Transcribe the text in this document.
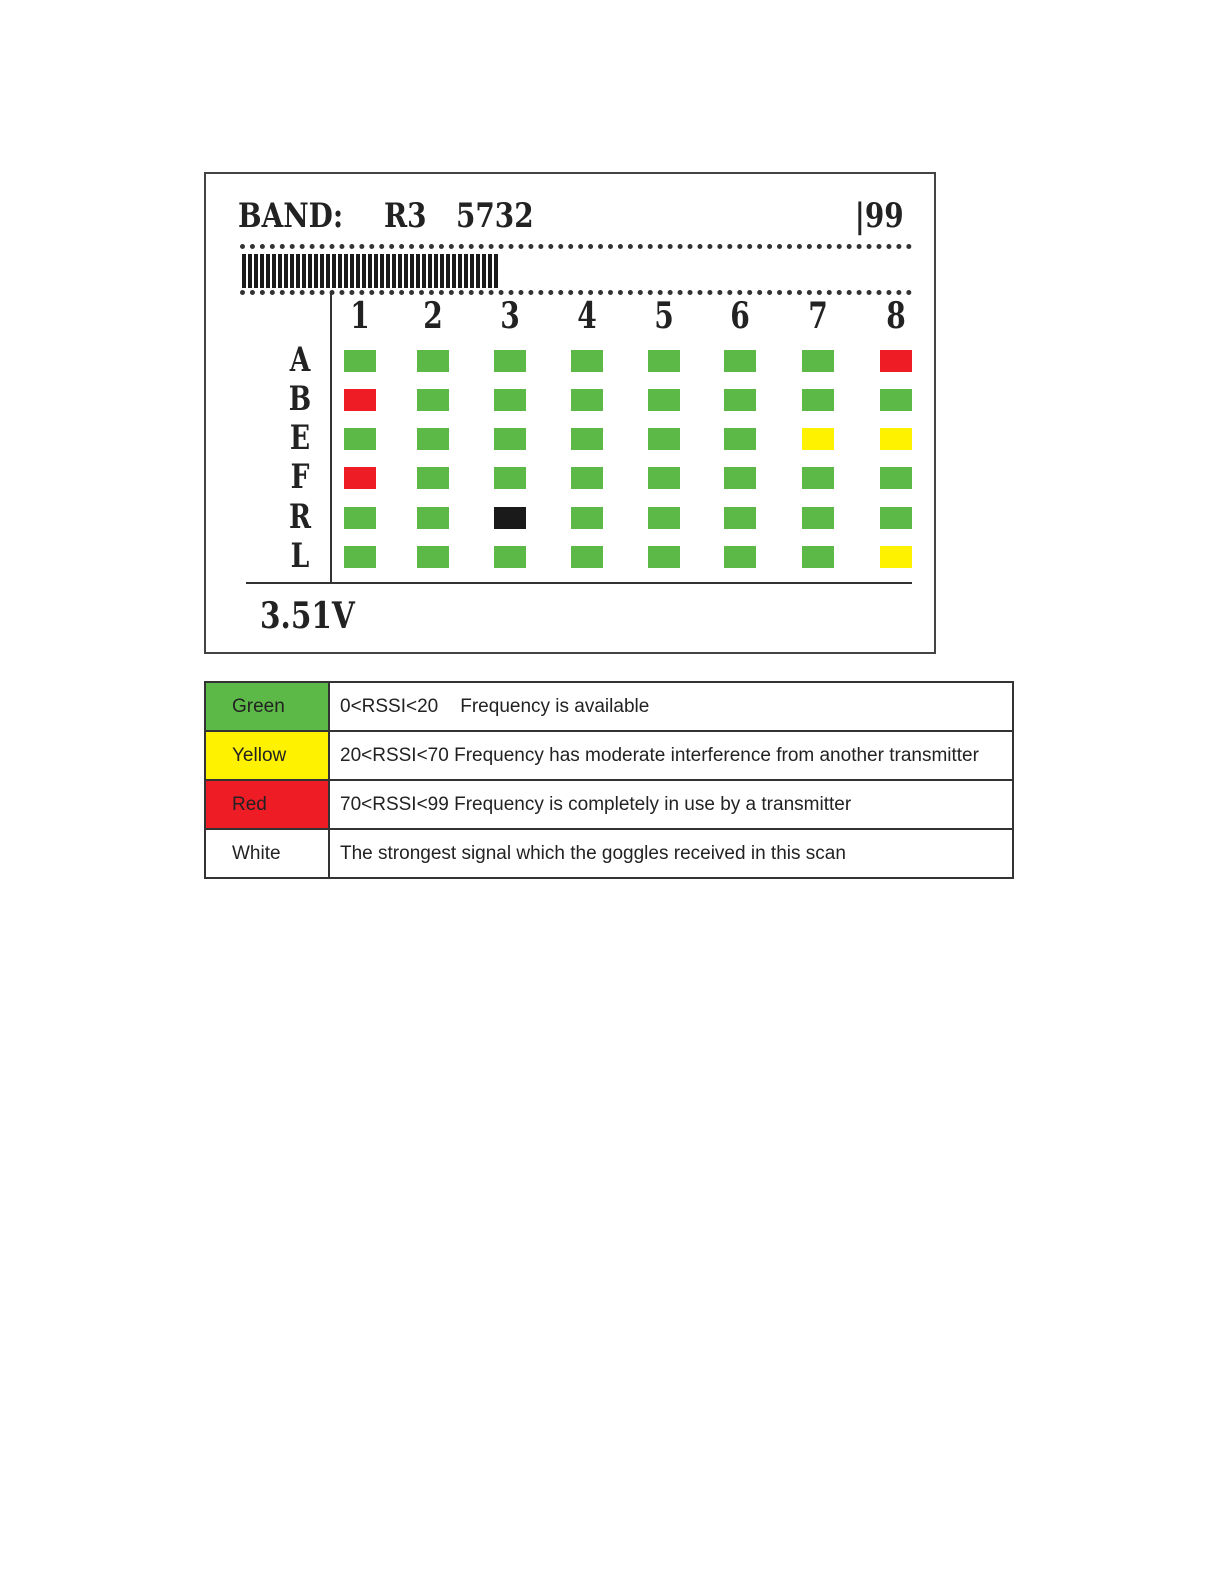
BAND: R3 5732	|99
1 2 3 4 5 6 7 8
A
B
E
F
R
L
3.51V
Green	0<RSSI<20 Frequency is available
Yellow	20<RSSI<70 Frequency has moderate interference from another transmitter
Red	70<RSSI<99 Frequency is completely in use by a transmitter
White	The strongest signal which the goggles received in this scan
